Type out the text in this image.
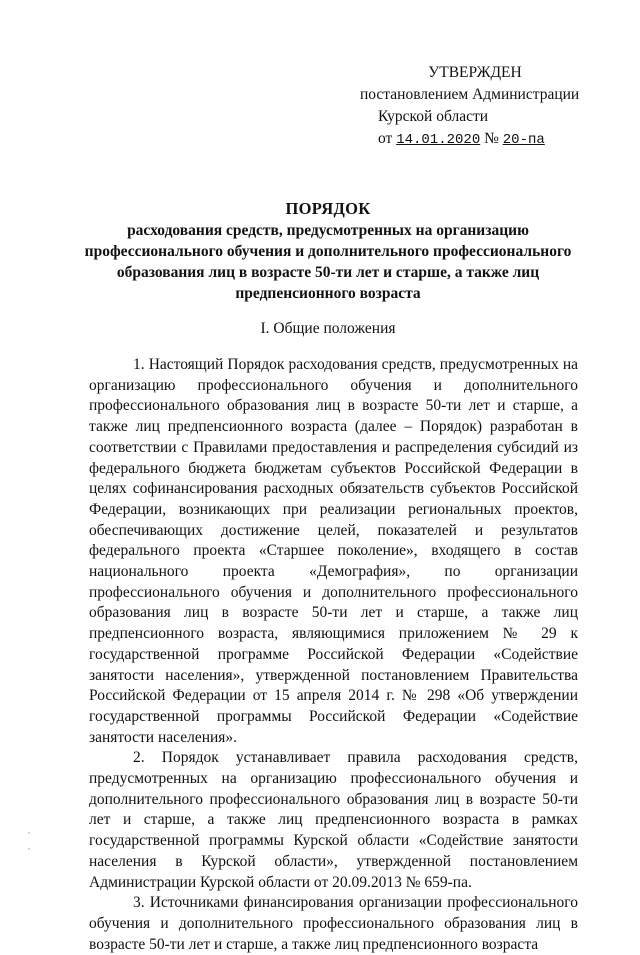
УТВЕРЖДЕН
постановлением Администрации
Курской области
от 14.01.2020 № 20-па
ПОРЯДОК
расходования средств, предусмотренных на организацию профессионального обучения и дополнительного профессионального образования лиц в возрасте 50-ти лет и старше, а также лиц предпенсионного возраста
I. Общие положения

1. Настоящий Порядок расходования средств, предусмотренных на организацию профессионального обучения и дополнительного профессионального образования лиц в возрасте 50-ти лет и старше, а также лиц предпенсионного возраста (далее – Порядок) разработан в соответствии с Правилами предоставления и распределения субсидий из федерального бюджета бюджетам субъектов Российской Федерации в целях софинансирования расходных обязательств субъектов Российской Федерации, возникающих при реализации региональных проектов, обеспечивающих достижение целей, показателей и результатов федерального проекта «Старшее поколение», входящего в состав национального проекта «Демография», по организации профессионального обучения и дополнительного профессионального образования лиц в возрасте 50-ти лет и старше, а также лиц предпенсионного возраста, являющимися приложением № 29 к государственной программе Российской Федерации «Содействие занятости населения», утвержденной постановлением Правительства Российской Федерации от 15 апреля 2014 г. № 298 «Об утверждении государственной программы Российской Федерации «Содействие занятости населения».

2. Порядок устанавливает правила расходования средств, предусмотренных на организацию профессионального обучения и дополнительного профессионального образования лиц в возрасте 50-ти лет и старше, а также лиц предпенсионного возраста в рамках государственной программы Курской области «Содействие занятости населения в Курской области», утвержденной постановлением Администрации Курской области от 20.09.2013 № 659-па.

3. Источниками финансирования организации профессионального обучения и дополнительного профессионального образования лиц в возрасте 50-ти лет и старше, а также лиц предпенсионного возраста
